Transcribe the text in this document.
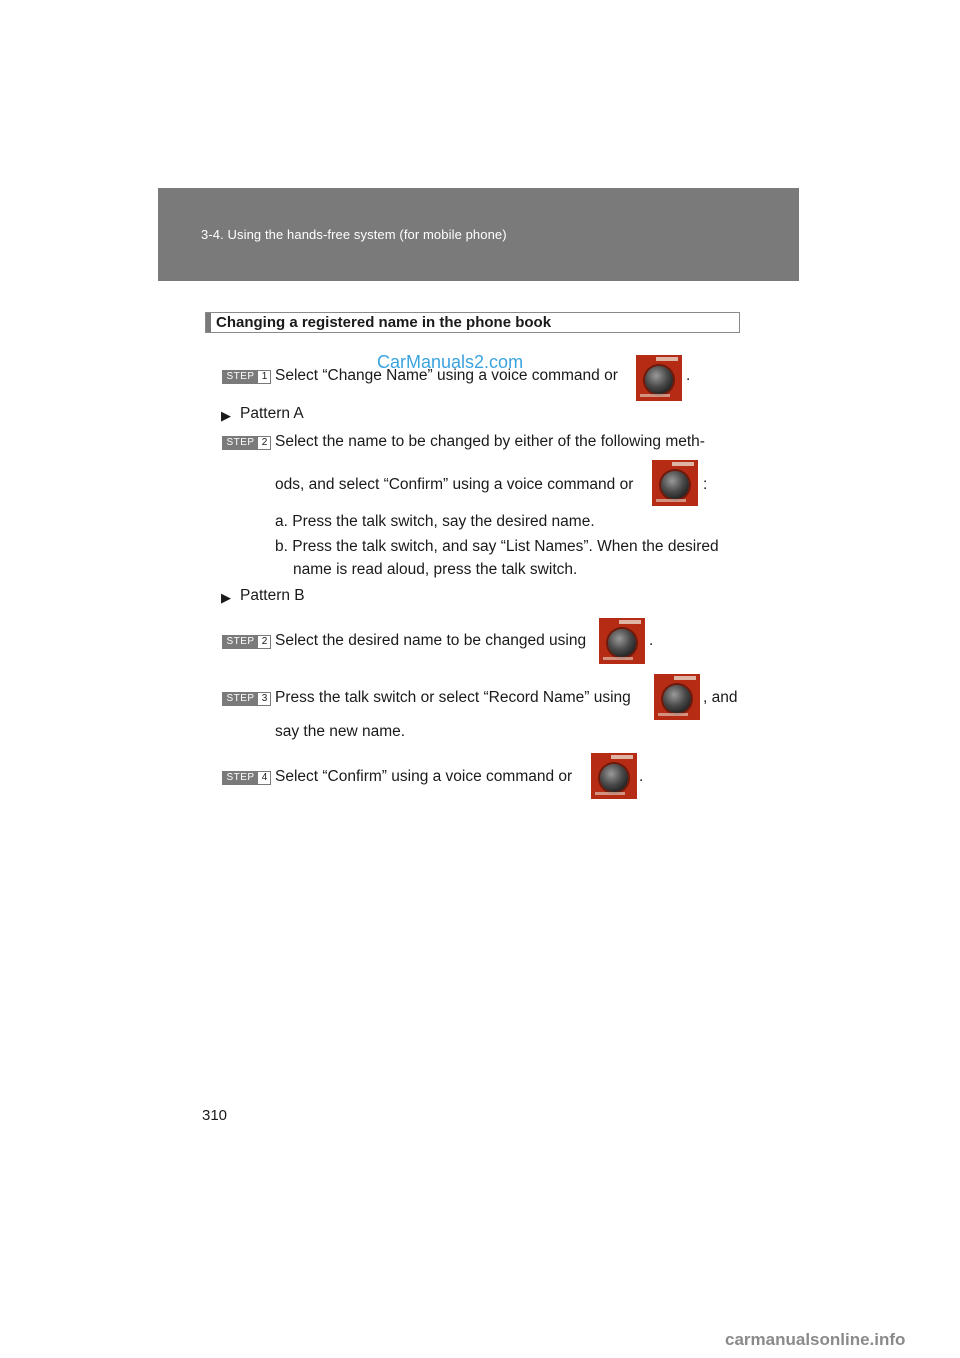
3-4. Using the hands-free system (for mobile phone)
Changing a registered name in the phone book
CarManuals2.com
STEP 1 Select “Change Name” using a voice command or	.
▶ Pattern A
STEP 2 Select the name to be changed by either of the following meth-
ods, and select “Confirm” using a voice command or	:
a. Press the talk switch, say the desired name.
b. Press the talk switch, and say “List Names”. When the desired
name is read aloud, press the talk switch.
▶ Pattern B
STEP 2 Select the desired name to be changed using	.
STEP 3 Press the talk switch or select “Record Name” using	, and
say the new name.
STEP 4 Select “Confirm” using a voice command or	.
310
carmanualsonline.info
